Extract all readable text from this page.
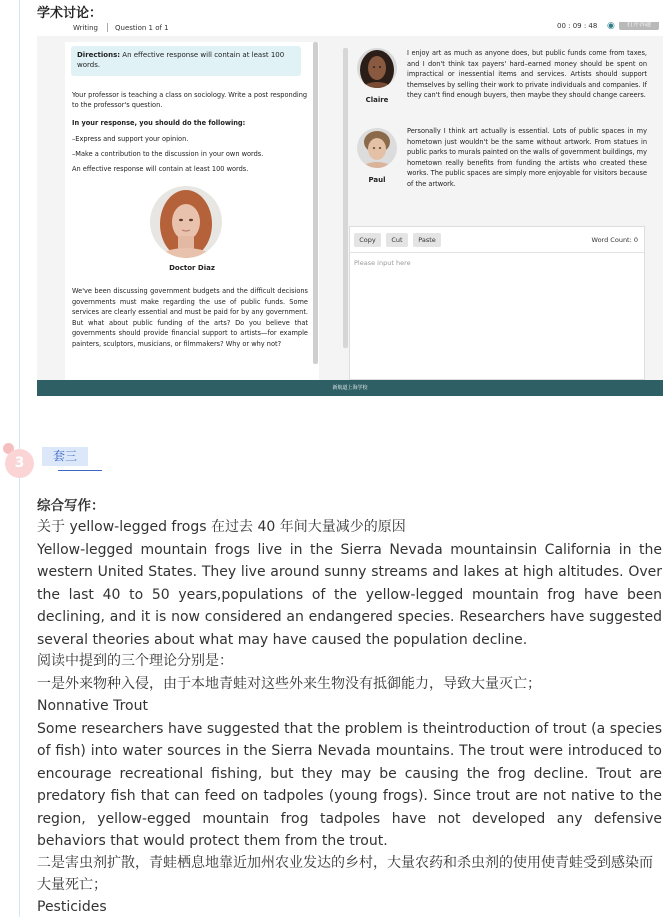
学术讨论：
Writing Question 1 of 1	00 : 09 : 48 ◉	打开答题
Directions: An effective response will contain at least 100 words.
Your professor is teaching a class on sociology. Write a post responding to the professor's question.
In your response, you should do the following:
–Express and support your opinion.
–Make a contribution to the discussion in your own words.
An effective response will contain at least 100 words.
Doctor Diaz
We've been discussing government budgets and the difficult decisions governments must make regarding the use of public funds. Some services are clearly essential and must be paid for by any government. But what about public funding of the arts? Do you believe that governments should provide financial support to artists—for example painters, sculptors, musicians, or filmmakers? Why or why not?
Claire
I enjoy art as much as anyone does, but public funds come from taxes, and I don't think tax payers' hard–earned money should be spent on impractical or inessential items and services. Artists should support themselves by selling their work to private individuals and companies. If they can't find enough buyers, then maybe they should change careers.
Paul
Personally I think art actually is essential. Lots of public spaces in my hometown just wouldn't be the same without artwork. From statues in public parks to murals painted on the walls of government buildings, my hometown really benefits from funding the artists who created these works. The public spaces are simply more enjoyable for visitors because of the artwork.
Copy	Cut	Paste	Word Count: 0
Please input here
新航道上海学校
3	套三
综合写作：
关于 yellow-legged frogs 在过去 40 年间大量减少的原因
Yellow-legged mountain frogs live in the Sierra Nevada mountainsin California in the western United States. They live around sunny streams and lakes at high altitudes. Over the last 40 to 50 years,populations of the yellow-legged mountain frog have been declining, and it is now considered an endangered species. Researchers have suggested several theories about what may have caused the population decline.
阅读中提到的三个理论分别是：
一是外来物种入侵，由于本地青蛙对这些外来生物没有抵御能力，导致大量灭亡；
Nonnative Trout
Some researchers have suggested that the problem is theintroduction of trout (a species of fish) into water sources in the Sierra Nevada mountains. The trout were introduced to encourage recreational fishing, but they may be causing the frog decline. Trout are predatory fish that can feed on tadpoles (young frogs). Since trout are not native to the region, yellow-egged mountain frog tadpoles have not developed any defensive behaviors that would protect them from the trout.
二是害虫剂扩散，青蛙栖息地靠近加州农业发达的乡村，大量农药和杀虫剂的使用使青蛙受到感染而大量死亡；
Pesticides
